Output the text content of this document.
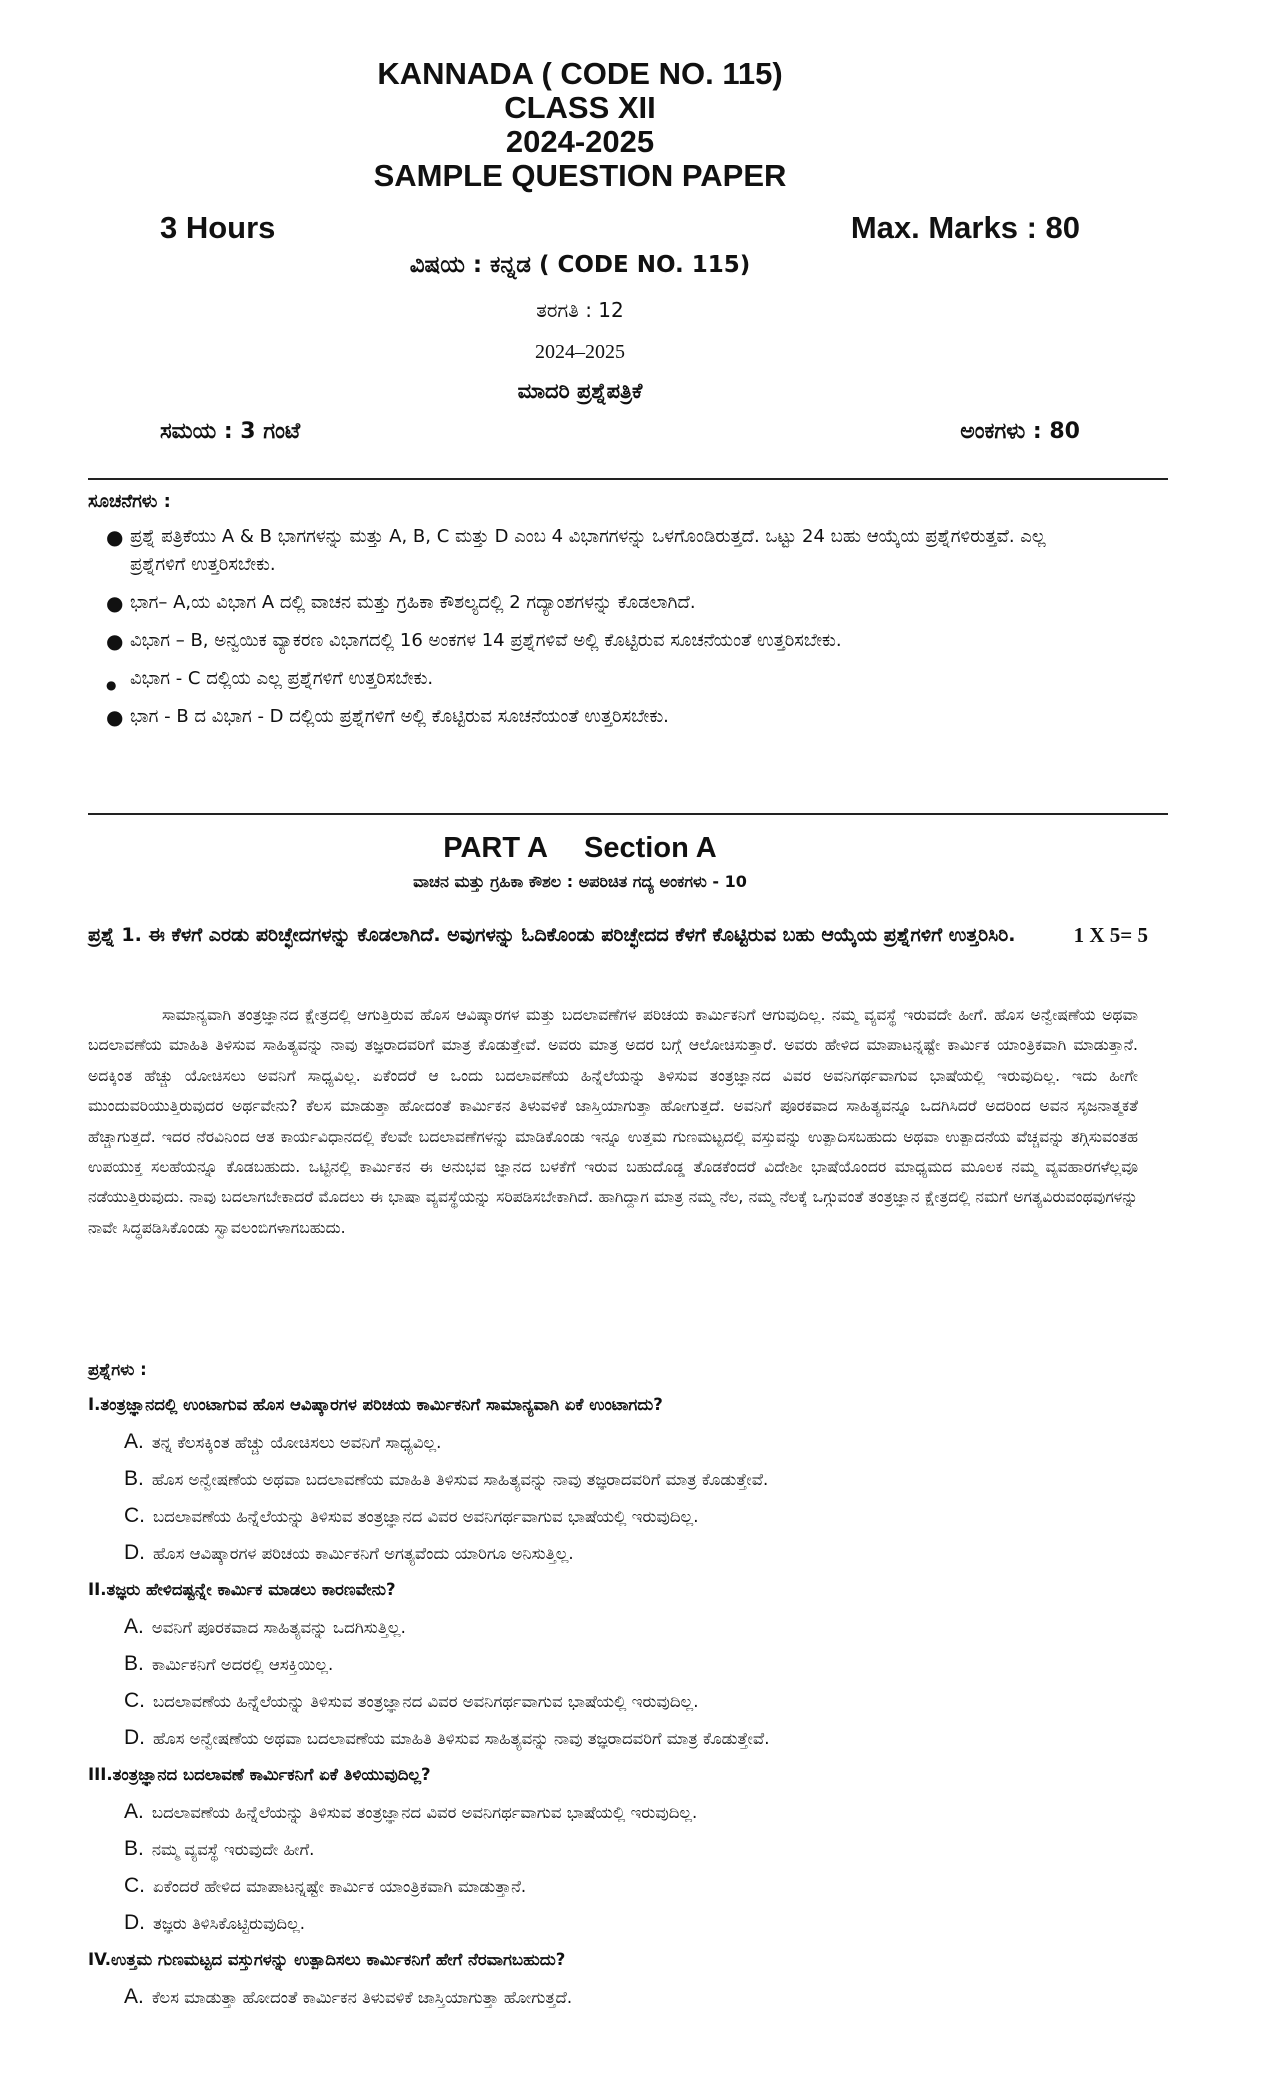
KANNADA ( CODE NO. 115)
CLASS XII
2024-2025
SAMPLE QUESTION PAPER
3 Hours	Max. Marks : 80
ವಿಷಯ : ಕನ್ನಡ ( CODE NO. 115)
ತರಗತಿ : 12
2024–2025
ಮಾದರಿ ಪ್ರಶ್ನೆಪತ್ರಿಕೆ
ಸಮಯ : 3 ಗಂಟೆ	ಅಂಕಗಳು : 80
ಸೂಚನೆಗಳು :
● ಪ್ರಶ್ನೆ ಪತ್ರಿಕೆಯು A & B ಭಾಗಗಳನ್ನು ಮತ್ತು A, B, C ಮತ್ತು D ಎಂಬ 4 ವಿಭಾಗಗಳನ್ನು ಒಳಗೊಂಡಿರುತ್ತದೆ. ಒಟ್ಟು 24 ಬಹು ಆಯ್ಕೆಯ ಪ್ರಶ್ನೆಗಳಿರುತ್ತವೆ. ಎಲ್ಲ ಪ್ರಶ್ನೆಗಳಿಗೆ ಉತ್ತರಿಸಬೇಕು.
● ಭಾಗ– A,ಯ ವಿಭಾಗ A ದಲ್ಲಿ ವಾಚನ ಮತ್ತು ಗ್ರಹಿಕಾ ಕೌಶಲ್ಯದಲ್ಲಿ 2 ಗದ್ಯಾಂಶಗಳನ್ನು ಕೊಡಲಾಗಿದೆ.
● ವಿಭಾಗ – B, ಅನ್ವಯಿಕ ವ್ಯಾಕರಣ ವಿಭಾಗದಲ್ಲಿ 16 ಅಂಕಗಳ 14 ಪ್ರಶ್ನೆಗಳಿವೆ ಅಲ್ಲಿ ಕೊಟ್ಟಿರುವ ಸೂಚನೆಯಂತೆ ಉತ್ತರಿಸಬೇಕು.
● ವಿಭಾಗ - C ದಲ್ಲಿಯ ಎಲ್ಲ ಪ್ರಶ್ನೆಗಳಿಗೆ ಉತ್ತರಿಸಬೇಕು.
● ಭಾಗ - B ದ ವಿಭಾಗ - D ದಲ್ಲಿಯ ಪ್ರಶ್ನೆಗಳಿಗೆ ಅಲ್ಲಿ ಕೊಟ್ಟಿರುವ ಸೂಚನೆಯಂತೆ ಉತ್ತರಿಸಬೇಕು.
PART A Section A
ವಾಚನ ಮತ್ತು ಗ್ರಹಿಕಾ ಕೌಶಲ : ಅಪರಿಚಿತ ಗದ್ಯ ಅಂಕಗಳು - 10
ಪ್ರಶ್ನೆ 1. ಈ ಕೆಳಗೆ ಎರಡು ಪರಿಚ್ಛೇದಗಳನ್ನು ಕೊಡಲಾಗಿದೆ. ಅವುಗಳನ್ನು ಓದಿಕೊಂಡು ಪರಿಚ್ಛೇದದ ಕೆಳಗೆ ಕೊಟ್ಟಿರುವ ಬಹು ಆಯ್ಕೆಯ ಪ್ರಶ್ನೆಗಳಿಗೆ ಉತ್ತರಿಸಿರಿ.	1 X 5= 5

ಸಾಮಾನ್ಯವಾಗಿ ತಂತ್ರಜ್ಞಾನದ ಕ್ಷೇತ್ರದಲ್ಲಿ ಆಗುತ್ತಿರುವ ಹೊಸ ಆವಿಷ್ಕಾರಗಳ ಮತ್ತು ಬದಲಾವಣೆಗಳ ಪರಿಚಯ ಕಾರ್ಮಿಕನಿಗೆ ಆಗುವುದಿಲ್ಲ. ನಮ್ಮ ವ್ಯವಸ್ಥೆ ಇರುವದೇ ಹೀಗೆ. ಹೊಸ ಅನ್ವೇಷಣೆಯ ಅಥವಾ ಬದಲಾವಣೆಯ ಮಾಹಿತಿ ತಿಳಿಸುವ ಸಾಹಿತ್ಯವನ್ನು ನಾವು ತಜ್ಞರಾದವರಿಗೆ ಮಾತ್ರ ಕೊಡುತ್ತೇವೆ. ಅವರು ಮಾತ್ರ ಅದರ ಬಗ್ಗೆ ಆಲೋಚಿಸುತ್ತಾರೆ. ಅವರು ಹೇಳಿದ ಮಾಪಾಟನ್ನಷ್ಟೇ ಕಾರ್ಮಿಕ ಯಾಂತ್ರಿಕವಾಗಿ ಮಾಡುತ್ತಾನೆ. ಅದಕ್ಕಿಂತ ಹೆಚ್ಚು ಯೋಚಿಸಲು ಅವನಿಗೆ ಸಾಧ್ಯವಿಲ್ಲ. ಏಕೆಂದರೆ ಆ ಒಂದು ಬದಲಾವಣೆಯ ಹಿನ್ನೆಲೆಯನ್ನು ತಿಳಿಸುವ ತಂತ್ರಜ್ಞಾನದ ವಿವರ ಅವನಿಗರ್ಥವಾಗುವ ಭಾಷೆಯಲ್ಲಿ ಇರುವುದಿಲ್ಲ. ಇದು ಹೀಗೇ ಮುಂದುವರಿಯುತ್ತಿರುವುದರ ಅರ್ಥವೇನು? ಕೆಲಸ ಮಾಡುತ್ತಾ ಹೋದಂತೆ ಕಾರ್ಮಿಕನ ತಿಳುವಳಿಕೆ ಜಾಸ್ತಿಯಾಗುತ್ತಾ ಹೋಗುತ್ತದೆ. ಅವನಿಗೆ ಪೂರಕವಾದ ಸಾಹಿತ್ಯವನ್ನೂ ಒದಗಿಸಿದರೆ ಅದರಿಂದ ಅವನ ಸೃಜನಾತ್ಮಕತೆ ಹೆಚ್ಚಾಗುತ್ತದೆ. ಇದರ ನೆರವಿನಿಂದ ಆತ ಕಾರ್ಯವಿಧಾನದಲ್ಲಿ ಕೆಲವೇ ಬದಲಾವಣೆಗಳನ್ನು ಮಾಡಿಕೊಂಡು ಇನ್ನೂ ಉತ್ತಮ ಗುಣಮಟ್ಟದಲ್ಲಿ ವಸ್ತುವನ್ನು ಉತ್ಪಾದಿಸಬಹುದು ಅಥವಾ ಉತ್ಪಾದನೆಯ ವೆಚ್ಚವನ್ನು ತಗ್ಗಿಸುವಂತಹ ಉಪಯುಕ್ತ ಸಲಹೆಯನ್ನೂ ಕೊಡಬಹುದು. ಒಟ್ಟಿನಲ್ಲಿ ಕಾರ್ಮಿಕನ ಈ ಅನುಭವ ಜ್ಞಾನದ ಬಳಕೆಗೆ ಇರುವ ಬಹುದೊಡ್ಡ ತೊಡಕೆಂದರೆ ವಿದೇಶೀ ಭಾಷೆಯೊಂದರ ಮಾಧ್ಯಮದ ಮೂಲಕ ನಮ್ಮ ವ್ಯವಹಾರಗಳೆಲ್ಲವೂ ನಡೆಯುತ್ತಿರುವುದು. ನಾವು ಬದಲಾಗಬೇಕಾದರೆ ಮೊದಲು ಈ ಭಾಷಾ ವ್ಯವಸ್ಥೆಯನ್ನು ಸರಿಪಡಿಸಬೇಕಾಗಿದೆ. ಹಾಗಿದ್ದಾಗ ಮಾತ್ರ ನಮ್ಮ ನೆಲ, ನಮ್ಮ ನೆಲಕ್ಕೆ ಒಗ್ಗುವಂತೆ ತಂತ್ರಜ್ಞಾನ ಕ್ಷೇತ್ರದಲ್ಲಿ ನಮಗೆ ಅಗತ್ಯವಿರುವಂಥವುಗಳನ್ನು ನಾವೇ ಸಿದ್ಧಪಡಿಸಿಕೊಂಡು ಸ್ವಾವಲಂಬಿಗಳಾಗಬಹುದು.

ಪ್ರಶ್ನೆಗಳು :
I.ತಂತ್ರಜ್ಞಾನದಲ್ಲಿ ಉಂಟಾಗುವ ಹೊಸ ಆವಿಷ್ಕಾರಗಳ ಪರಿಚಯ ಕಾರ್ಮಿಕನಿಗೆ ಸಾಮಾನ್ಯವಾಗಿ ಏಕೆ ಉಂಟಾಗದು?
A. ತನ್ನ ಕೆಲಸಕ್ಕಿಂತ ಹೆಚ್ಚು ಯೋಚಿಸಲು ಅವನಿಗೆ ಸಾಧ್ಯವಿಲ್ಲ.
B. ಹೊಸ ಅನ್ವೇಷಣೆಯ ಅಥವಾ ಬದಲಾವಣೆಯ ಮಾಹಿತಿ ತಿಳಿಸುವ ಸಾಹಿತ್ಯವನ್ನು ನಾವು ತಜ್ಞರಾದವರಿಗೆ ಮಾತ್ರ ಕೊಡುತ್ತೇವೆ.
C. ಬದಲಾವಣೆಯ ಹಿನ್ನೆಲೆಯನ್ನು ತಿಳಿಸುವ ತಂತ್ರಜ್ಞಾನದ ವಿವರ ಅವನಿಗರ್ಥವಾಗುವ ಭಾಷೆಯಲ್ಲಿ ಇರುವುದಿಲ್ಲ.
D. ಹೊಸ ಆವಿಷ್ಕಾರಗಳ ಪರಿಚಯ ಕಾರ್ಮಿಕನಿಗೆ ಅಗತ್ಯವೆಂದು ಯಾರಿಗೂ ಅನಿಸುತ್ತಿಲ್ಲ.
II.ತಜ್ಞರು ಹೇಳಿದಷ್ಟನ್ನೇ ಕಾರ್ಮಿಕ ಮಾಡಲು ಕಾರಣವೇನು?
A. ಅವನಿಗೆ ಪೂರಕವಾದ ಸಾಹಿತ್ಯವನ್ನು ಒದಗಿಸುತ್ತಿಲ್ಲ.
B. ಕಾರ್ಮಿಕನಿಗೆ ಅದರಲ್ಲಿ ಆಸಕ್ತಿಯಿಲ್ಲ.
C. ಬದಲಾವಣೆಯ ಹಿನ್ನೆಲೆಯನ್ನು ತಿಳಿಸುವ ತಂತ್ರಜ್ಞಾನದ ವಿವರ ಅವನಿಗರ್ಥವಾಗುವ ಭಾಷೆಯಲ್ಲಿ ಇರುವುದಿಲ್ಲ.
D. ಹೊಸ ಅನ್ವೇಷಣೆಯ ಅಥವಾ ಬದಲಾವಣೆಯ ಮಾಹಿತಿ ತಿಳಿಸುವ ಸಾಹಿತ್ಯವನ್ನು ನಾವು ತಜ್ಞರಾದವರಿಗೆ ಮಾತ್ರ ಕೊಡುತ್ತೇವೆ.
III.ತಂತ್ರಜ್ಞಾನದ ಬದಲಾವಣೆ ಕಾರ್ಮಿಕನಿಗೆ ಏಕೆ ತಿಳಿಯುವುದಿಲ್ಲ?
A. ಬದಲಾವಣೆಯ ಹಿನ್ನೆಲೆಯನ್ನು ತಿಳಿಸುವ ತಂತ್ರಜ್ಞಾನದ ವಿವರ ಅವನಿಗರ್ಥವಾಗುವ ಭಾಷೆಯಲ್ಲಿ ಇರುವುದಿಲ್ಲ.
B. ನಮ್ಮ ವ್ಯವಸ್ಥೆ ಇರುವುದೇ ಹೀಗೆ.
C. ಏಕೆಂದರೆ ಹೇಳಿದ ಮಾಪಾಟನ್ನಷ್ಟೇ ಕಾರ್ಮಿಕ ಯಾಂತ್ರಿಕವಾಗಿ ಮಾಡುತ್ತಾನೆ.
D. ತಜ್ಞರು ತಿಳಿಸಿಕೊಟ್ಟಿರುವುದಿಲ್ಲ.
IV.ಉತ್ತಮ ಗುಣಮಟ್ಟದ ವಸ್ತುಗಳನ್ನು ಉತ್ಪಾದಿಸಲು ಕಾರ್ಮಿಕನಿಗೆ ಹೇಗೆ ನೆರವಾಗಬಹುದು?
A. ಕೆಲಸ ಮಾಡುತ್ತಾ ಹೋದಂತೆ ಕಾರ್ಮಿಕನ ತಿಳುವಳಿಕೆ ಜಾಸ್ತಿಯಾಗುತ್ತಾ ಹೋಗುತ್ತದೆ.
